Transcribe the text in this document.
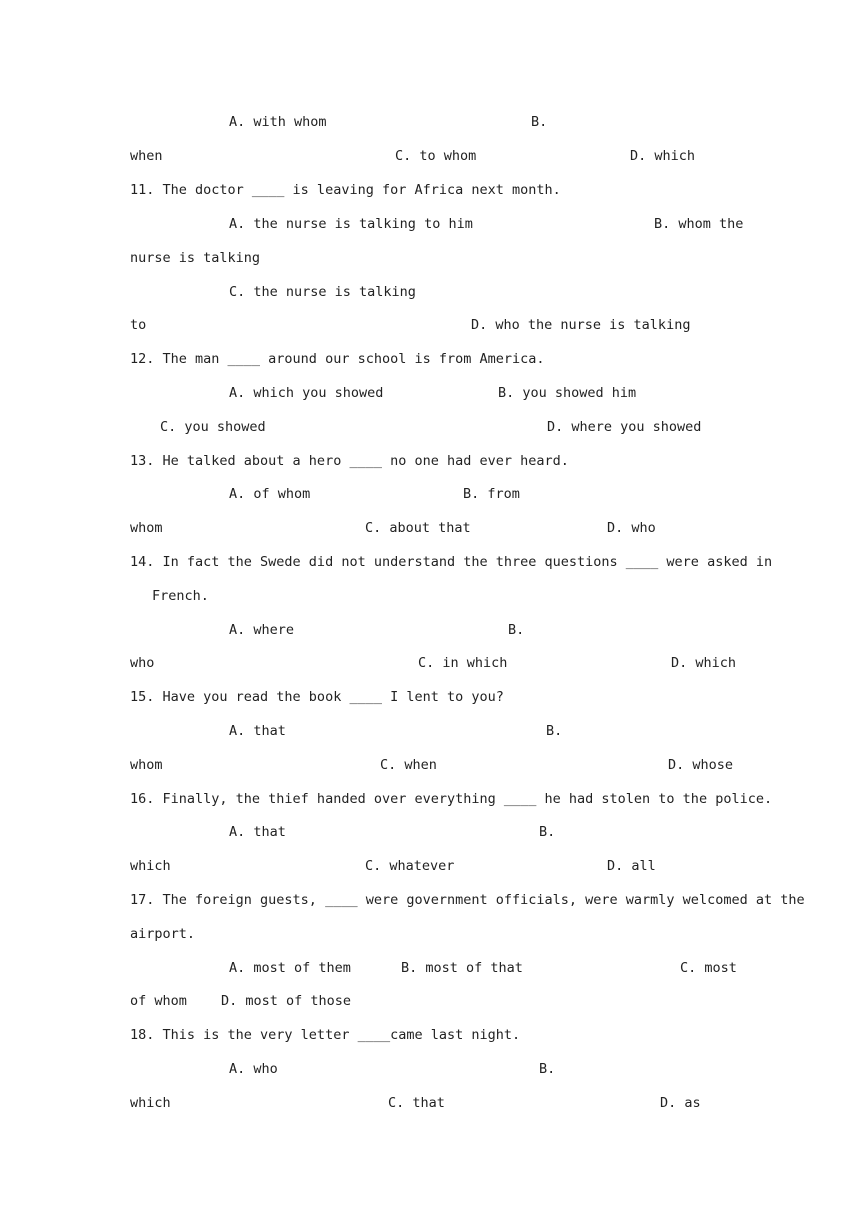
A. with whom	B.
when	C. to whom	D. which
11. The doctor ____ is leaving for Africa next month.
A. the nurse is talking to him	B. whom the
nurse is talking
C. the nurse is talking
to	D. who the nurse is talking
12. The man ____ around our school is from America.
A. which you showed	B. you showed him
C. you showed	D. where you showed
13. He talked about a hero ____ no one had ever heard.
A. of whom	B. from
whom	C. about that	D. who
14. In fact the Swede did not understand the three questions ____ were asked in
French.
A. where	B.
who	C. in which	D. which
15. Have you read the book ____ I lent to you?
A. that	B.
whom	C. when	D. whose
16. Finally, the thief handed over everything ____ he had stolen to the police.
A. that	B.
which	C. whatever	D. all
17. The foreign guests, ____ were government officials, were warmly welcomed at the
airport.
A. most of them	B. most of that	C. most
of whom	D. most of those
18. This is the very letter ____came last night.
A. who	B.
which	C. that	D. as
